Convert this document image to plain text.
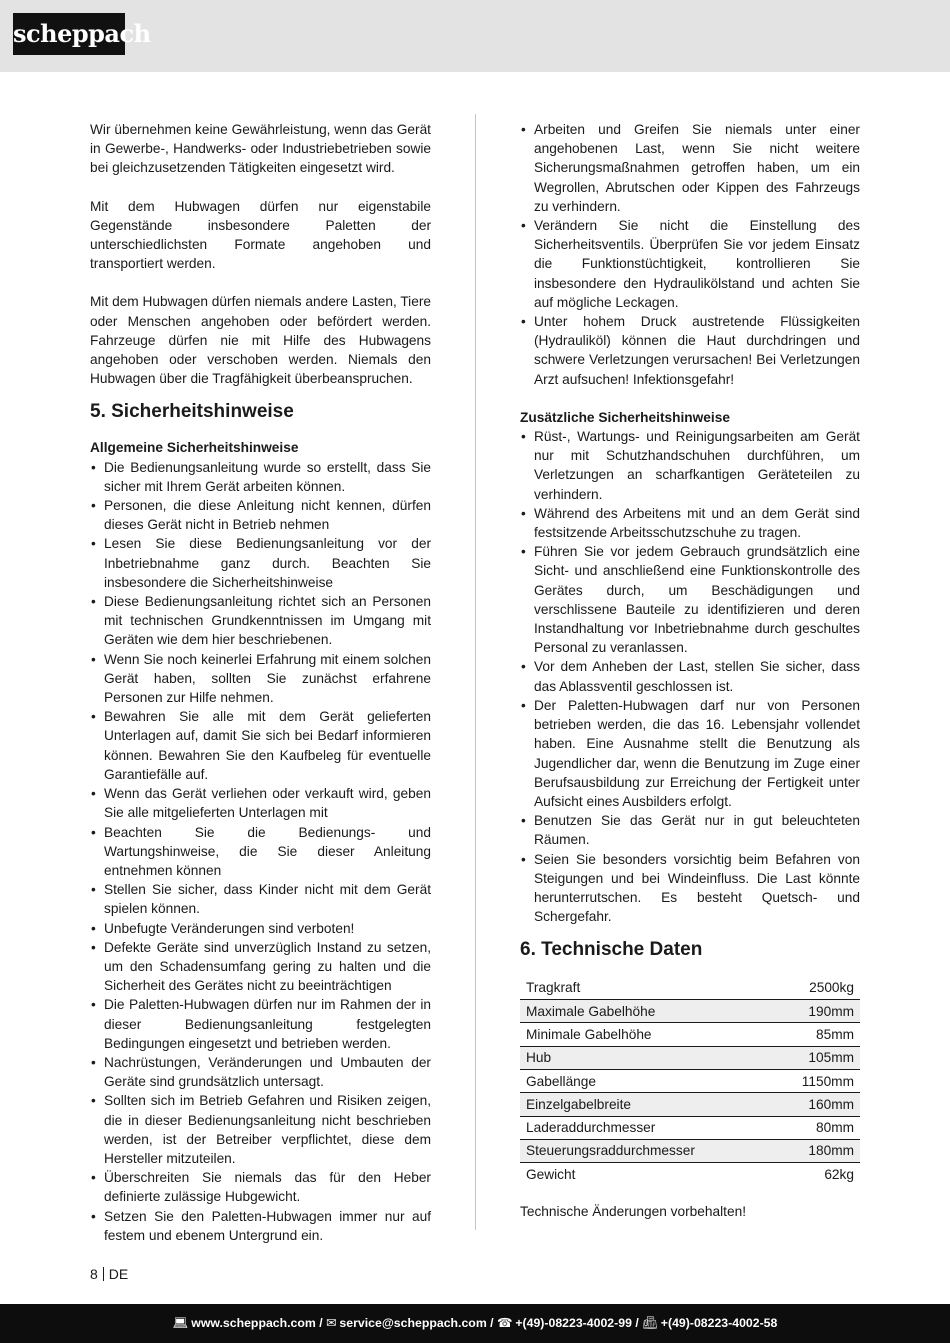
scheppach

Wir übernehmen keine Gewährleistung, wenn das Gerät in Gewerbe-, Handwerks- oder Industriebetrieben sowie bei gleichzusetzenden Tätigkeiten eingesetzt wird.

Mit dem Hubwagen dürfen nur eigenstabile Gegenstände insbesondere Paletten der unterschiedlichsten Formate angehoben und transportiert werden.

Mit dem Hubwagen dürfen niemals andere Lasten, Tiere oder Menschen angehoben oder befördert werden. Fahrzeuge dürfen nie mit Hilfe des Hubwagens angehoben oder verschoben werden. Niemals den Hubwagen über die Tragfähigkeit überbeanspruchen.

5. Sicherheitshinweise
Allgemeine Sicherheitshinweise
• Die Bedienungsanleitung wurde so erstellt, dass Sie sicher mit Ihrem Gerät arbeiten können.
• Personen, die diese Anleitung nicht kennen, dürfen dieses Gerät nicht in Betrieb nehmen
• Lesen Sie diese Bedienungsanleitung vor der Inbetriebnahme ganz durch. Beachten Sie insbesondere die Sicherheitshinweise
• Diese Bedienungsanleitung richtet sich an Personen mit technischen Grundkenntnissen im Umgang mit Geräten wie dem hier beschriebenen.
• Wenn Sie noch keinerlei Erfahrung mit einem solchen Gerät haben, sollten Sie zunächst erfahrene Personen zur Hilfe nehmen.
• Bewahren Sie alle mit dem Gerät gelieferten Unterlagen auf, damit Sie sich bei Bedarf informieren können. Bewahren Sie den Kaufbeleg für eventuelle Garantiefälle auf.
• Wenn das Gerät verliehen oder verkauft wird, geben Sie alle mitgelieferten Unterlagen mit
• Beachten Sie die Bedienungs- und Wartungshinweise, die Sie dieser Anleitung entnehmen können
• Stellen Sie sicher, dass Kinder nicht mit dem Gerät spielen können.
• Unbefugte Veränderungen sind verboten!
• Defekte Geräte sind unverzüglich Instand zu setzen, um den Schadensumfang gering zu halten und die Sicherheit des Gerätes nicht zu beeinträchtigen
• Die Paletten-Hubwagen dürfen nur im Rahmen der in dieser Bedienungsanleitung festgelegten Bedingungen eingesetzt und betrieben werden.
• Nachrüstungen, Veränderungen und Umbauten der Geräte sind grundsätzlich untersagt.
• Sollten sich im Betrieb Gefahren und Risiken zeigen, die in dieser Bedienungsanleitung nicht beschrieben werden, ist der Betreiber verpflichtet, diese dem Hersteller mitzuteilen.
• Überschreiten Sie niemals das für den Heber definierte zulässige Hubgewicht.
• Setzen Sie den Paletten-Hubwagen immer nur auf festem und ebenem Untergrund ein.
• Arbeiten und Greifen Sie niemals unter einer angehobenen Last, wenn Sie nicht weitere Sicherungsmaßnahmen getroffen haben, um ein Wegrollen, Abrutschen oder Kippen des Fahrzeugs zu verhindern.
• Verändern Sie nicht die Einstellung des Sicherheitsventils. Überprüfen Sie vor jedem Einsatz die Funktionstüchtigkeit, kontrollieren Sie insbesondere den Hydraulikölstand und achten Sie auf mögliche Leckagen.
• Unter hohem Druck austretende Flüssigkeiten (Hydrauliköl) können die Haut durchdringen und schwere Verletzungen verursachen! Bei Verletzungen Arzt aufsuchen! Infektionsgefahr!
Zusätzliche Sicherheitshinweise
• Rüst-, Wartungs- und Reinigungsarbeiten am Gerät nur mit Schutzhandschuhen durchführen, um Verletzungen an scharfkantigen Geräteteilen zu verhindern.
• Während des Arbeitens mit und an dem Gerät sind festsitzende Arbeitsschutzschuhe zu tragen.
• Führen Sie vor jedem Gebrauch grundsätzlich eine Sicht- und anschließend eine Funktionskontrolle des Gerätes durch, um Beschädigungen und verschlissene Bauteile zu identifizieren und deren Instandhaltung vor Inbetriebnahme durch geschultes Personal zu veranlassen.
• Vor dem Anheben der Last, stellen Sie sicher, dass das Ablassventil geschlossen ist.
• Der Paletten-Hubwagen darf nur von Personen betrieben werden, die das 16. Lebensjahr vollendet haben. Eine Ausnahme stellt die Benutzung als Jugendlicher dar, wenn die Benutzung im Zuge einer Berufsausbildung zur Erreichung der Fertigkeit unter Aufsicht eines Ausbilders erfolgt.
• Benutzen Sie das Gerät nur in gut beleuchteten Räumen.
• Seien Sie besonders vorsichtig beim Befahren von Steigungen und bei Windeinfluss. Die Last könnte herunterrutschen. Es besteht Quetsch- und Schergefahr.
6. Technische Daten
Tragkraft	2500kg
Maximale Gabelhöhe	190mm
Minimale Gabelhöhe	85mm
Hub	105mm
Gabellänge	1150mm
Einzelgabelbreite	160mm
Laderaddurchmesser	80mm
Steuerungsraddurchmesser	180mm
Gewicht	62kg

Technische Änderungen vorbehalten!

8 DE
💻︎ www.scheppach.com / ✉︎ service@scheppach.com / ☎ +(49)-08223-4002-99 / 📠︎ +(49)-08223-4002-58
